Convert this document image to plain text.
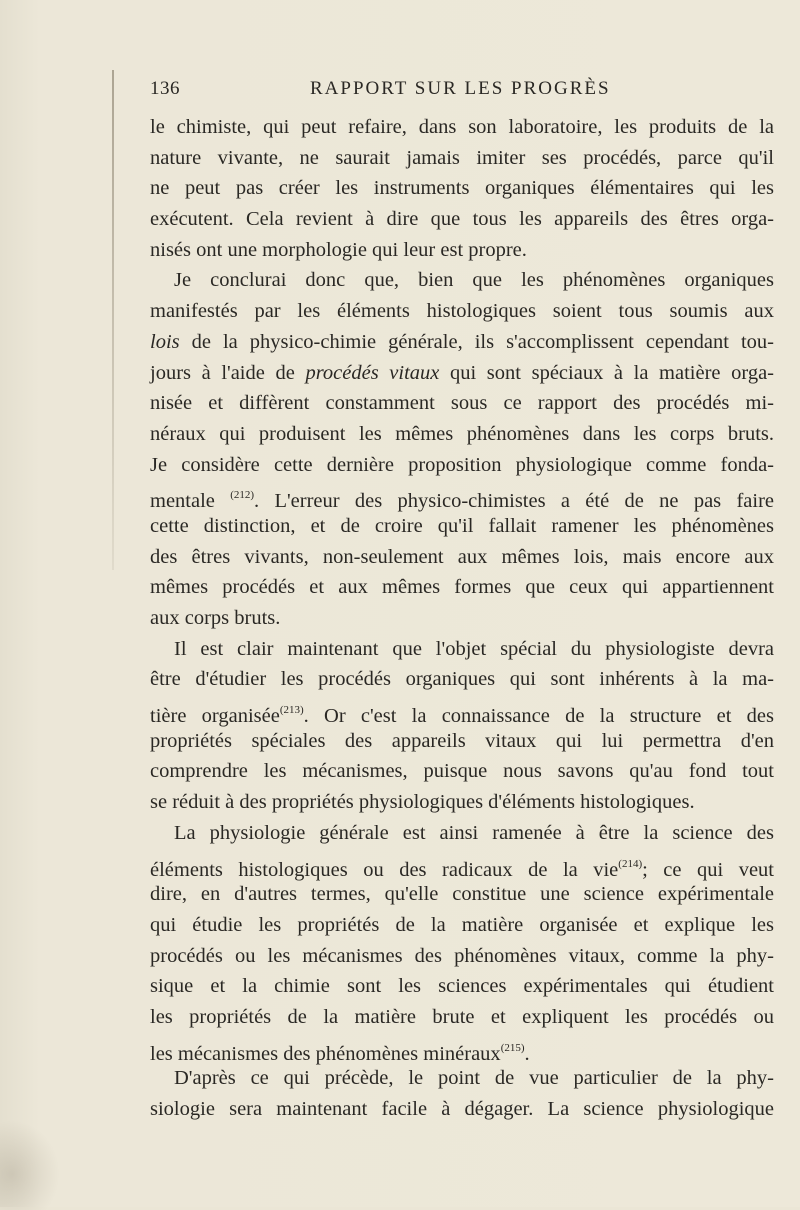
136	RAPPORT SUR LES PROGRÈS
le chimiste, qui peut refaire, dans son laboratoire, les produits de la
nature vivante, ne saurait jamais imiter ses procédés, parce qu'il
ne peut pas créer les instruments organiques élémentaires qui les
exécutent. Cela revient à dire que tous les appareils des êtres orga-
nisés ont une morphologie qui leur est propre.
Je conclurai donc que, bien que les phénomènes organiques
manifestés par les éléments histologiques soient tous soumis aux
lois de la physico-chimie générale, ils s'accomplissent cependant tou-
jours à l'aide de procédés vitaux qui sont spéciaux à la matière orga-
nisée et diffèrent constamment sous ce rapport des procédés mi-
néraux qui produisent les mêmes phénomènes dans les corps bruts.
Je considère cette dernière proposition physiologique comme fonda-
mentale $^{(212)}$. L'erreur des physico-chimistes a été de ne pas faire
cette distinction, et de croire qu'il fallait ramener les phénomènes
des êtres vivants, non-seulement aux mêmes lois, mais encore aux
mêmes procédés et aux mêmes formes que ceux qui appartiennent
aux corps bruts.
Il est clair maintenant que l'objet spécial du physiologiste devra
être d'étudier les procédés organiques qui sont inhérents à la ma-
tière organisée$^{(213)}$. Or c'est la connaissance de la structure et des
propriétés spéciales des appareils vitaux qui lui permettra d'en
comprendre les mécanismes, puisque nous savons qu'au fond tout
se réduit à des propriétés physiologiques d'éléments histologiques.
La physiologie générale est ainsi ramenée à être la science des
éléments histologiques ou des radicaux de la vie$^{(214)}$; ce qui veut
dire, en d'autres termes, qu'elle constitue une science expérimentale
qui étudie les propriétés de la matière organisée et explique les
procédés ou les mécanismes des phénomènes vitaux, comme la phy-
sique et la chimie sont les sciences expérimentales qui étudient
les propriétés de la matière brute et expliquent les procédés ou
les mécanismes des phénomènes minéraux$^{(215)}$.
D'après ce qui précède, le point de vue particulier de la phy-
siologie sera maintenant facile à dégager. La science physiologique
